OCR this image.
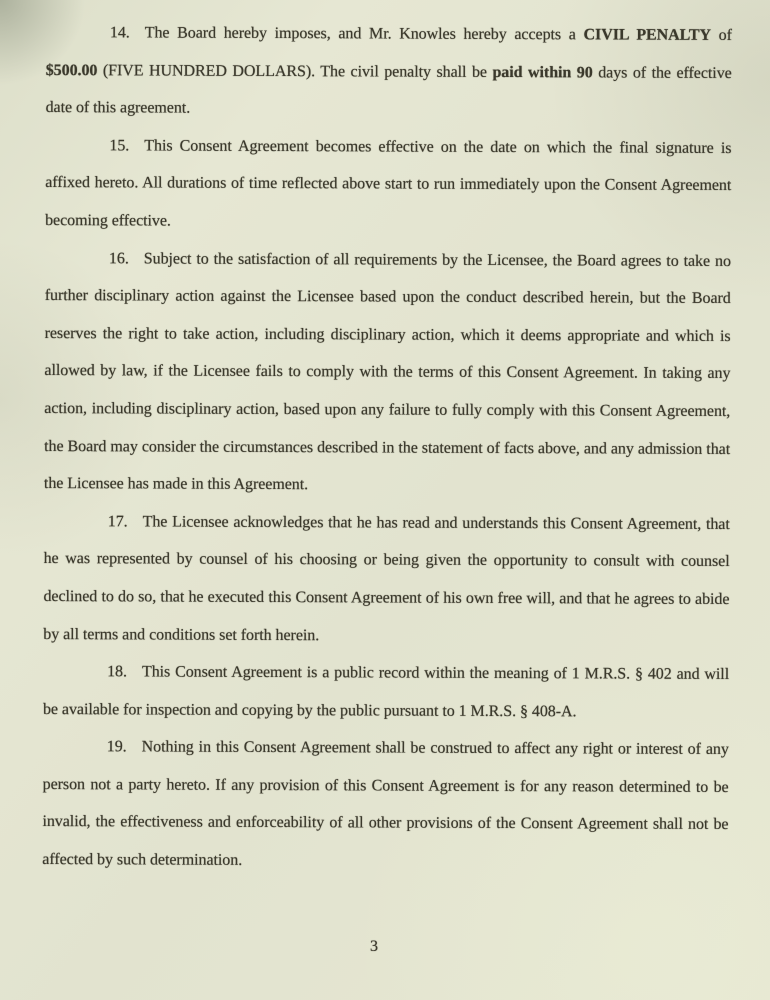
14. The Board hereby imposes, and Mr. Knowles hereby accepts a CIVIL PENALTY of $500.00 (FIVE HUNDRED DOLLARS). The civil penalty shall be paid within 90 days of the effective date of this agreement.

15. This Consent Agreement becomes effective on the date on which the final signature is affixed hereto. All durations of time reflected above start to run immediately upon the Consent Agreement becoming effective.

16. Subject to the satisfaction of all requirements by the Licensee, the Board agrees to take no further disciplinary action against the Licensee based upon the conduct described herein, but the Board reserves the right to take action, including disciplinary action, which it deems appropriate and which is allowed by law, if the Licensee fails to comply with the terms of this Consent Agreement. In taking any action, including disciplinary action, based upon any failure to fully comply with this Consent Agreement, the Board may consider the circumstances described in the statement of facts above, and any admission that the Licensee has made in this Agreement.

17. The Licensee acknowledges that he has read and understands this Consent Agreement, that he was represented by counsel of his choosing or being given the opportunity to consult with counsel declined to do so, that he executed this Consent Agreement of his own free will, and that he agrees to abide by all terms and conditions set forth herein.

18. This Consent Agreement is a public record within the meaning of 1 M.R.S. § 402 and will be available for inspection and copying by the public pursuant to 1 M.R.S. § 408-A.

19. Nothing in this Consent Agreement shall be construed to affect any right or interest of any person not a party hereto. If any provision of this Consent Agreement is for any reason determined to be invalid, the effectiveness and enforceability of all other provisions of the Consent Agreement shall not be affected by such determination.

3
